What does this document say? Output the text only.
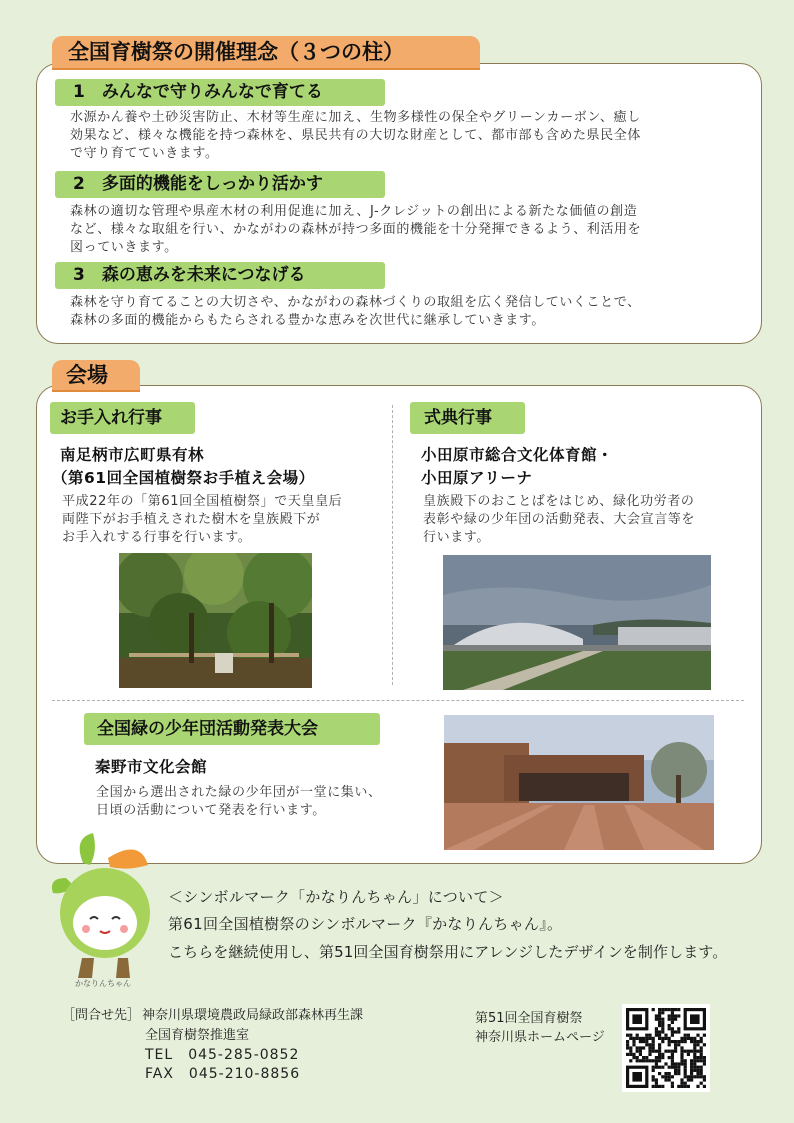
全国育樹祭の開催理念（３つの柱）
1　みんなで守りみんなで育てる
水源かん養や土砂災害防止、木材等生産に加え、生物多様性の保全やグリーンカーボン、癒し
効果など、様々な機能を持つ森林を、県民共有の大切な財産として、都市部も含めた県民全体
で守り育てていきます。
2　多面的機能をしっかり活かす
森林の適切な管理や県産木材の利用促進に加え、J-クレジットの創出による新たな価値の創造
など、様々な取組を行い、かながわの森林が持つ多面的機能を十分発揮できるよう、利活用を
図っていきます。
3　森の恵みを未来につなげる
森林を守り育てることの大切さや、かながわの森林づくりの取組を広く発信していくことで、
森林の多面的機能からもたらされる豊かな恵みを次世代に継承していきます。
会場
お手入れ行事
南足柄市広町県有林
（第61回全国植樹祭お手植え会場）
平成22年の「第61回全国植樹祭」で天皇皇后
両陛下がお手植えされた樹木を皇族殿下が
お手入れする行事を行います。
式典行事
小田原市総合文化体育館・
小田原アリーナ
皇族殿下のおことばをはじめ、緑化功労者の
表彰や緑の少年団の活動発表、大会宣言等を
行います。
全国緑の少年団活動発表大会
秦野市文化会館
全国から選出された緑の少年団が一堂に集い、
日頃の活動について発表を行います。
かなりんちゃん
＜シンボルマーク「かなりんちゃん」について＞
第61回全国植樹祭のシンボルマーク『かなりんちゃん』。
こちらを継続使用し、第51回全国育樹祭用にアレンジしたデザインを制作します。
［問合せ先］ 神奈川県環境農政局緑政部森林再生課
全国育樹祭推進室
TEL　045-285-0852
FAX　045-210-8856
第51回全国育樹祭
神奈川県ホームページ
